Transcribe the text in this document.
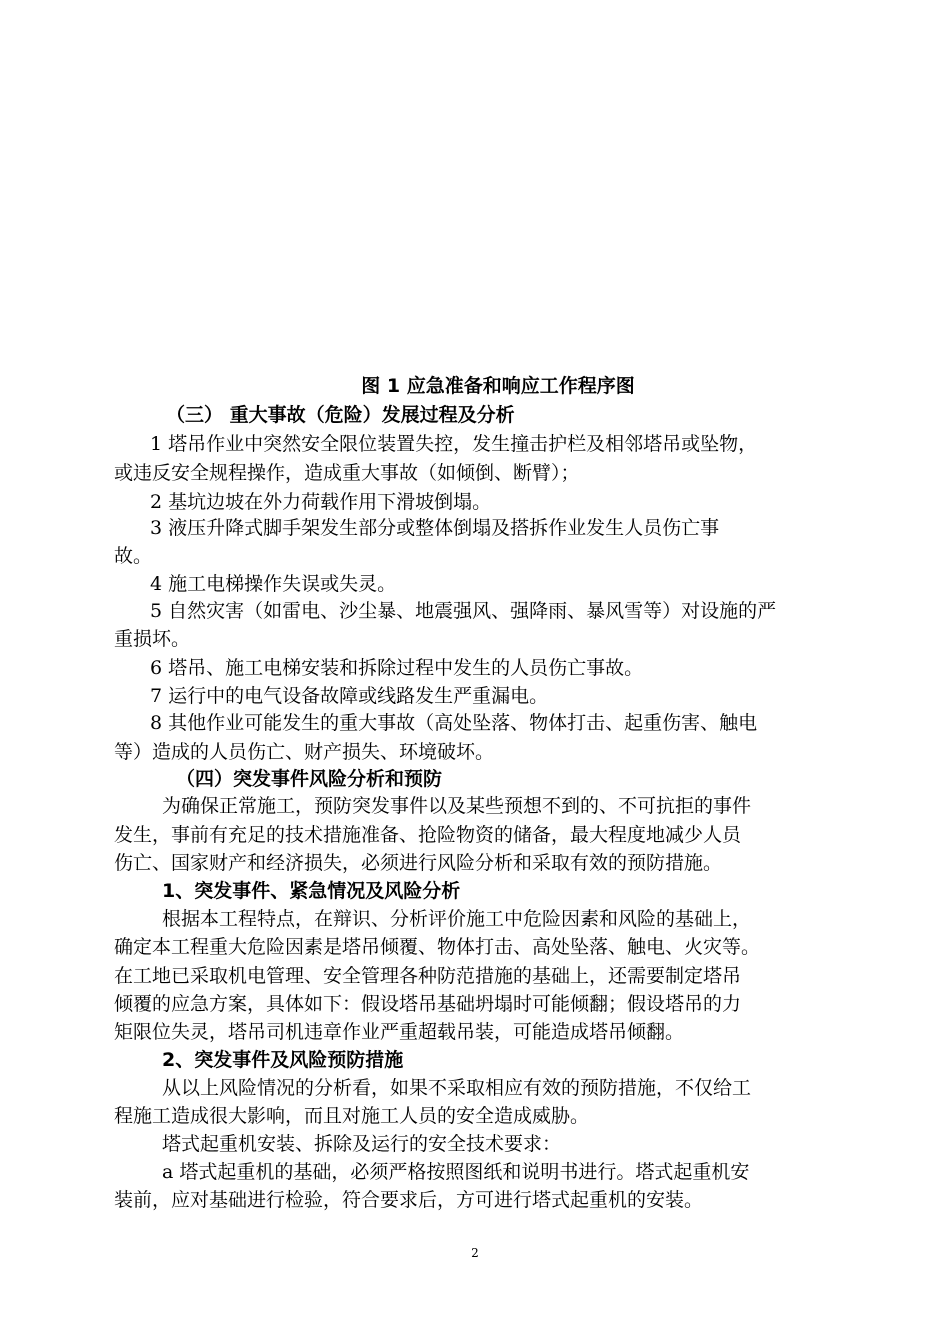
图 1 应急准备和响应工作程序图
（三） 重大事故（危险）发展过程及分析
1 塔吊作业中突然安全限位装置失控，发生撞击护栏及相邻塔吊或坠物，
或违反安全规程操作，造成重大事故（如倾倒、断臂）；
2 基坑边坡在外力荷载作用下滑坡倒塌。
3 液压升降式脚手架发生部分或整体倒塌及搭拆作业发生人员伤亡事
故。
4 施工电梯操作失误或失灵。
5 自然灾害（如雷电、沙尘暴、地震强风、强降雨、暴风雪等）对设施的严
重损坏。
6 塔吊、施工电梯安装和拆除过程中发生的人员伤亡事故。
7 运行中的电气设备故障或线路发生严重漏电。
8 其他作业可能发生的重大事故（高处坠落、物体打击、起重伤害、触电
等）造成的人员伤亡、财产损失、环境破坏。
（四）突发事件风险分析和预防
为确保正常施工，预防突发事件以及某些预想不到的、不可抗拒的事件
发生，事前有充足的技术措施准备、抢险物资的储备，最大程度地减少人员
伤亡、国家财产和经济损失，必须进行风险分析和采取有效的预防措施。
1、突发事件、紧急情况及风险分析
根据本工程特点，在辩识、分析评价施工中危险因素和风险的基础上，
确定本工程重大危险因素是塔吊倾覆、物体打击、高处坠落、触电、火灾等。
在工地已采取机电管理、安全管理各种防范措施的基础上，还需要制定塔吊
倾覆的应急方案，具体如下：假设塔吊基础坍塌时可能倾翻；假设塔吊的力
矩限位失灵，塔吊司机违章作业严重超载吊装，可能造成塔吊倾翻。
2、突发事件及风险预防措施
从以上风险情况的分析看，如果不采取相应有效的预防措施，不仅给工
程施工造成很大影响，而且对施工人员的安全造成威胁。
塔式起重机安装、拆除及运行的安全技术要求：
a 塔式起重机的基础，必须严格按照图纸和说明书进行。塔式起重机安
装前，应对基础进行检验，符合要求后，方可进行塔式起重机的安装。
2
